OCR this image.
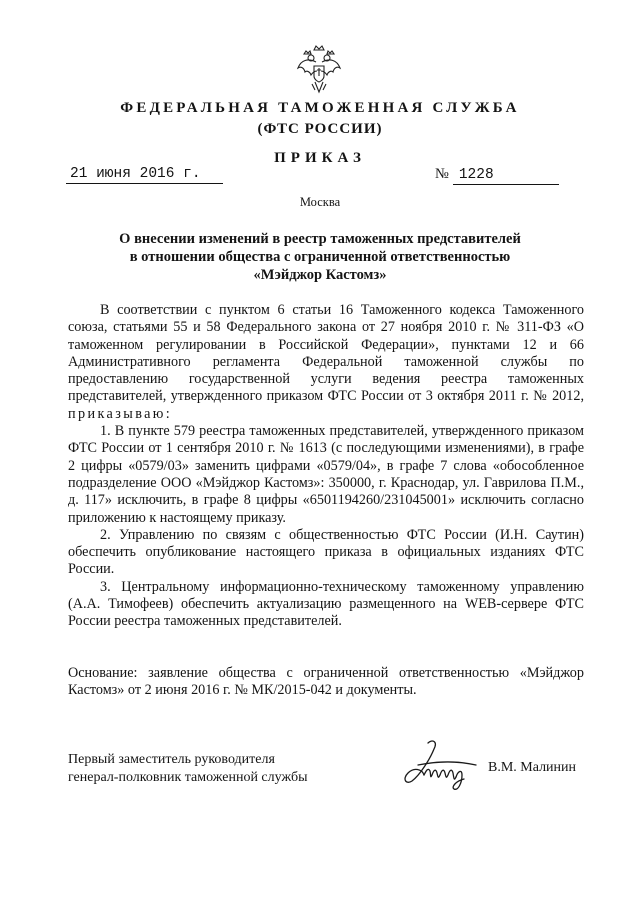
ФЕДЕРАЛЬНАЯ ТАМОЖЕННАЯ СЛУЖБА
(ФТС РОССИИ)
ПРИКАЗ
21 июня 2016 г.	№ 1228
Москва
О внесении изменений в реестр таможенных представителей
в отношении общества с ограниченной ответственностью
«Мэйджор Кастомз»

В соответствии с пунктом 6 статьи 16 Таможенного кодекса Таможенного союза, статьями 55 и 58 Федерального закона от 27 ноября 2010 г. № 311-ФЗ «О таможенном регулировании в Российской Федерации», пунктами 12 и 66 Административного регламента Федеральной таможенной службы по предоставлению государственной услуги ведения реестра таможенных представителей, утвержденного приказом ФТС России от 3 октября 2011 г. № 2012, приказываю:

1. В пункте 579 реестра таможенных представителей, утвержденного приказом ФТС России от 1 сентября 2010 г. № 1613 (с последующими изменениями), в графе 2 цифры «0579/03» заменить цифрами «0579/04», в графе 7 слова «обособленное подразделение ООО «Мэйджор Кастомз»: 350000, г. Краснодар, ул. Гаврилова П.М., д. 117» исключить, в графе 8 цифры «6501194260/231045001» исключить согласно приложению к настоящему приказу.

2. Управлению по связям с общественностью ФТС России (И.Н. Саутин) обеспечить опубликование настоящего приказа в официальных изданиях ФТС России.

3. Центральному информационно-техническому таможенному управлению (А.А. Тимофеев) обеспечить актуализацию размещенного на WEB-сервере ФТС России реестра таможенных представителей.

Основание: заявление общества с ограниченной ответственностью «Мэйджор Кастомз» от 2 июня 2016 г. № МК/2015-042 и документы.

Первый заместитель руководителя
генерал-полковник таможенной службы
В.М. Малинин
